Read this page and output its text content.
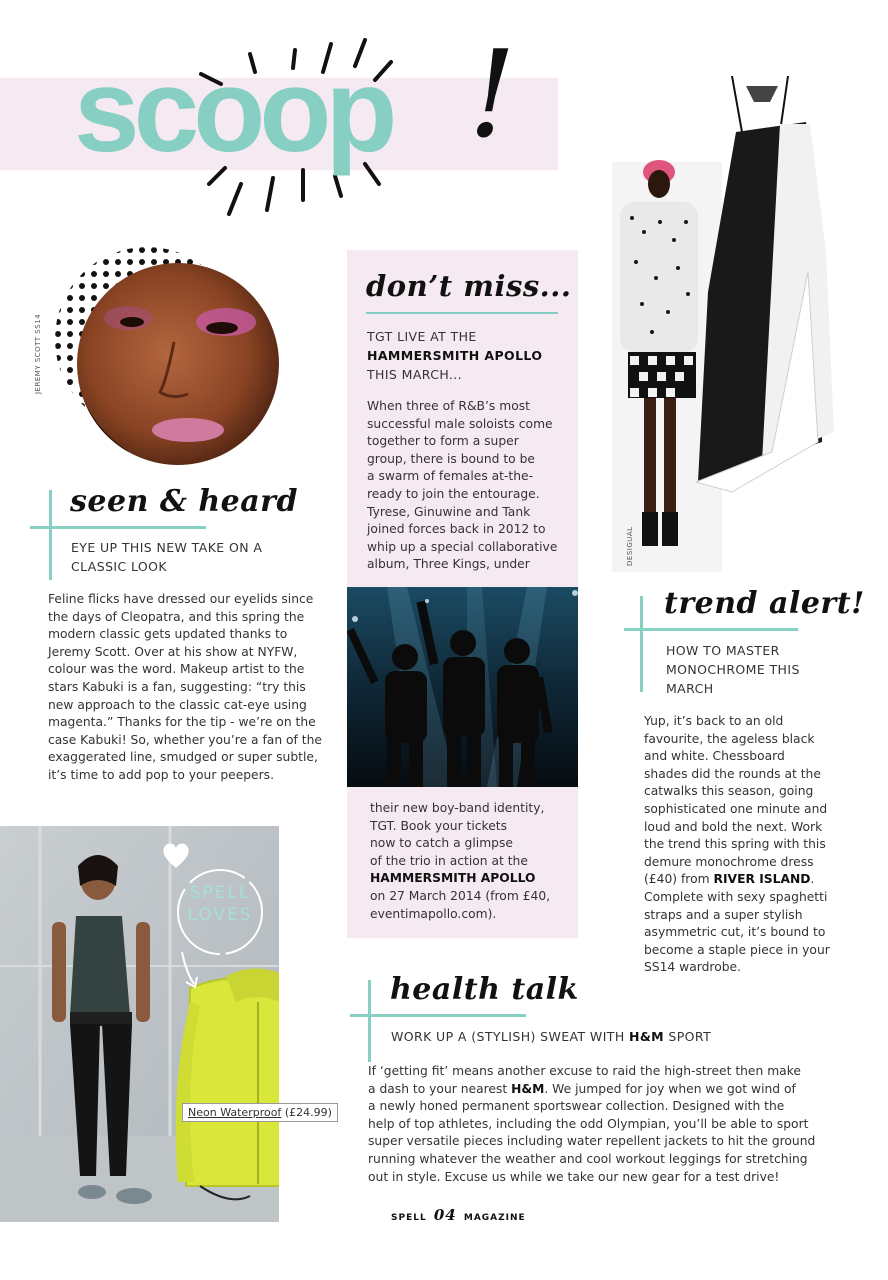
scoop !
JEREMY SCOTT SS14
seen & heard
EYE UP THIS NEW TAKE ON A
CLASSIC LOOK
Feline flicks have dressed our eyelids since
the days of Cleopatra, and this spring the
modern classic gets updated thanks to
Jeremy Scott. Over at his show at NYFW,
colour was the word. Makeup artist to the
stars Kabuki is a fan, suggesting: “try this
new approach to the classic cat-eye using
magenta.” Thanks for the tip - we’re on the
case Kabuki! So, whether you’re a fan of the
exaggerated line, smudged or super subtle,
it’s time to add pop to your peepers.
don’t miss...
TGT LIVE AT THE
HAMMERSMITH APOLLO
THIS MARCH...
When three of R&B’s most
successful male soloists come
together to form a super
group, there is bound to be
a swarm of females at-the-
ready to join the entourage.
Tyrese, Ginuwine and Tank
joined forces back in 2012 to
whip up a special collaborative
album, Three Kings, under
their new boy-band identity,
TGT. Book your tickets
now to catch a glimpse
of the trio in action at the
HAMMERSMITH APOLLO
on 27 March 2014 (from £40,
eventimapollo.com).
DESIGUAL
trend alert!
HOW TO MASTER
MONOCHROME THIS
MARCH
Yup, it’s back to an old
favourite, the ageless black
and white. Chessboard
shades did the rounds at the
catwalks this season, going
sophisticated one minute and
loud and bold the next. Work
the trend this spring with this
demure monochrome dress
(£40) from RIVER ISLAND.
Complete with sexy spaghetti
straps and a super stylish
asymmetric cut, it’s bound to
become a staple piece in your
SS14 wardrobe.
SPELL
LOVES
Neon Waterproof (£24.99)
health talk
WORK UP A (STYLISH) SWEAT WITH H&M SPORT
If ‘getting fit’ means another excuse to raid the high-street then make
a dash to your nearest H&M. We jumped for joy when we got wind of
a newly honed permanent sportswear collection. Designed with the
help of top athletes, including the odd Olympian, you’ll be able to sport
super versatile pieces including water repellent jackets to hit the ground
running whatever the weather and cool workout leggings for stretching
out in style. Excuse us while we take our new gear for a test drive!
SPELL 04 MAGAZINE
